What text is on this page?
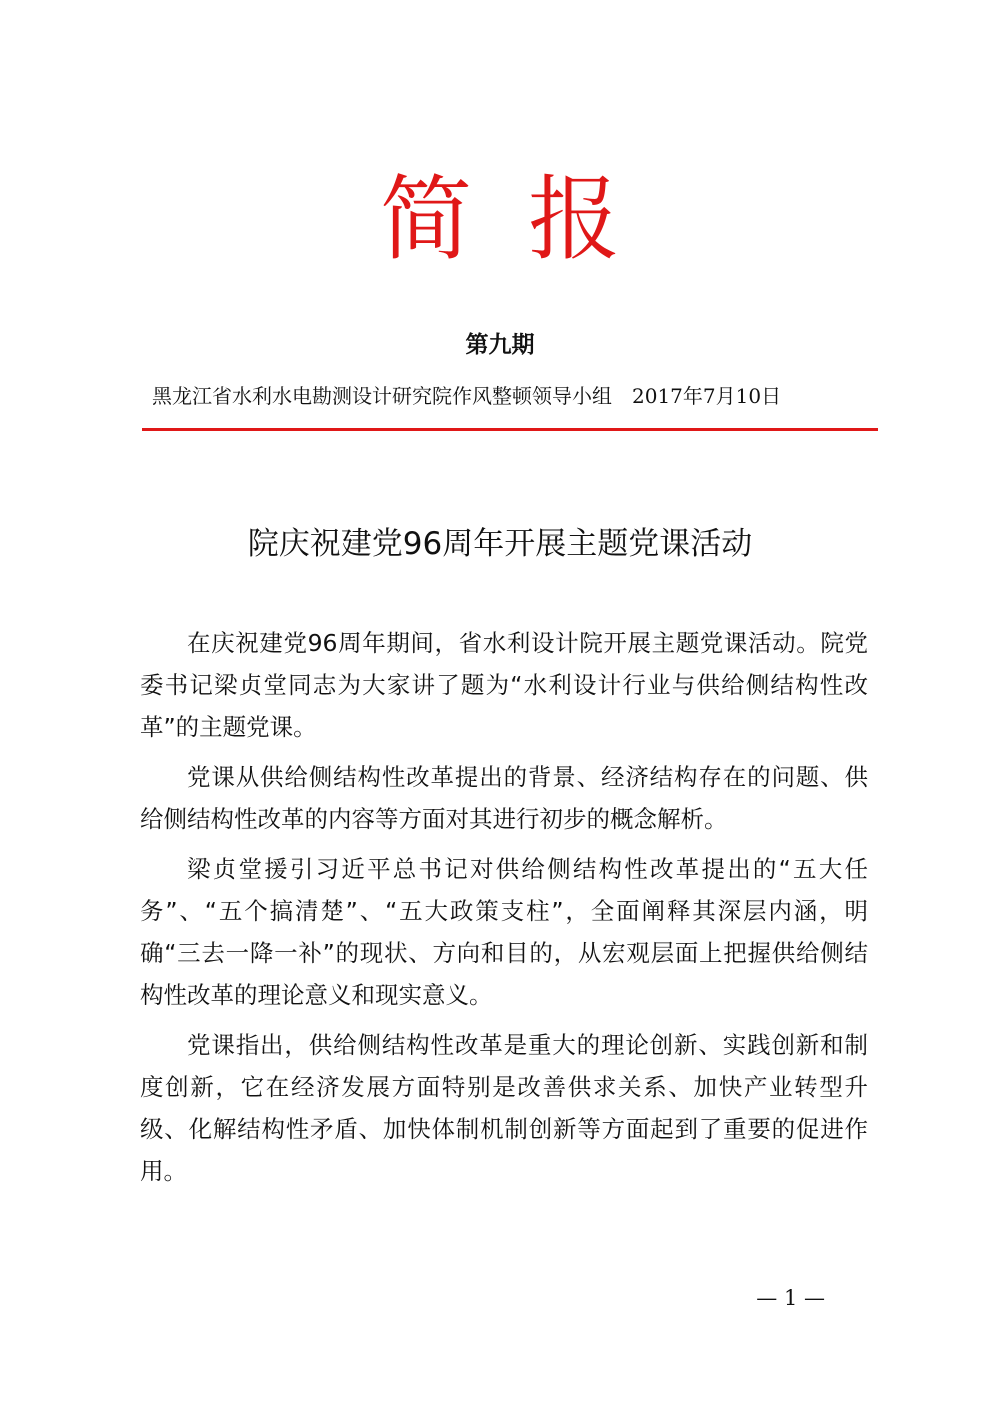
简报
第九期
黑龙江省水利水电勘测设计研究院作风整顿领导小组 2017年7月10日
院庆祝建党96周年开展主题党课活动

在庆祝建党96周年期间，省水利设计院开展主题党课活动。院党委书记梁贞堂同志为大家讲了题为“水利设计行业与供给侧结构性改革”的主题党课。

党课从供给侧结构性改革提出的背景、经济结构存在的问题、供给侧结构性改革的内容等方面对其进行初步的概念解析。

梁贞堂援引习近平总书记对供给侧结构性改革提出的“五大任务”、“五个搞清楚”、“五大政策支柱”，全面阐释其深层内涵，明确“三去一降一补”的现状、方向和目的，从宏观层面上把握供给侧结构性改革的理论意义和现实意义。

党课指出，供给侧结构性改革是重大的理论创新、实践创新和制度创新，它在经济发展方面特别是改善供求关系、加快产业转型升级、化解结构性矛盾、加快体制机制创新等方面起到了重要的促进作用。

— 1 —
